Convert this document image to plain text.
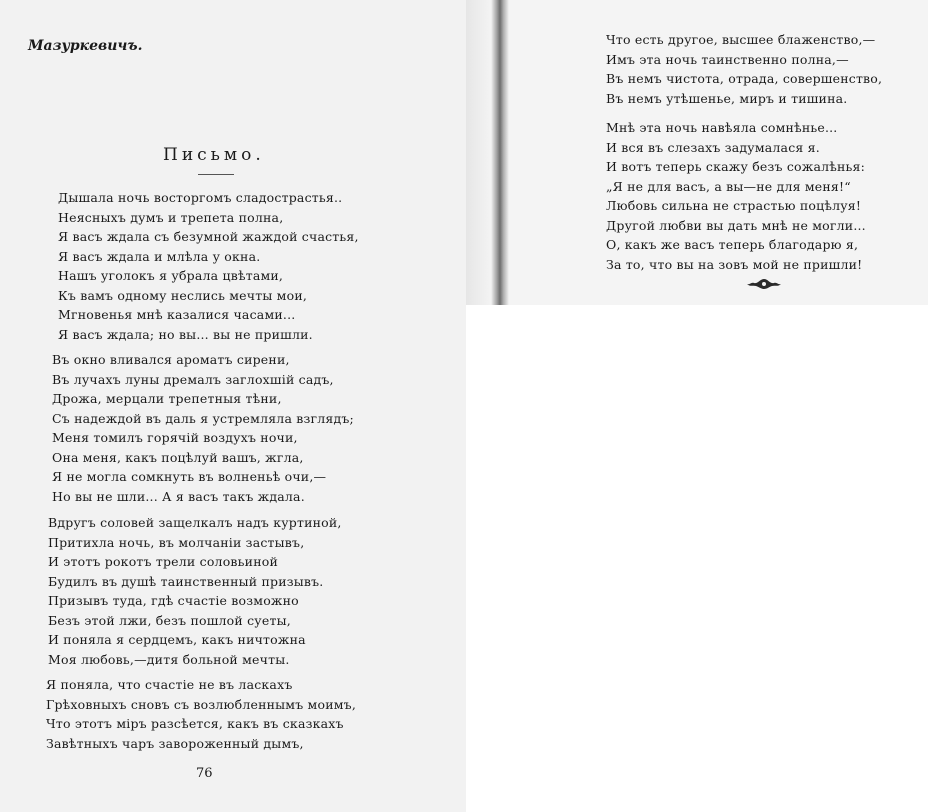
Мазуркевичъ.
Письмо.
Дышала ночь восторгомъ сладострастья..
Неясныхъ думъ и трепета полна,
Я васъ ждала съ безумной жаждой счастья,
Я васъ ждала и млѣла у окна.
Нашъ уголокъ я убрала цвѣтами,
Къ вамъ одному неслись мечты мои,
Мгновенья мнѣ казалися часами...
Я васъ ждала; но вы... вы не пришли.
Въ окно вливался ароматъ сирени,
Въ лучахъ луны дремалъ заглохшiй садъ,
Дрожа, мерцали трепетныя тѣни,
Съ надеждой въ даль я устремляла взглядъ;
Меня томилъ горячiй воздухъ ночи,
Она меня, какъ поцѣлуй вашъ, жгла,
Я не могла сомкнуть въ волненьѣ очи,—
Но вы не шли... А я васъ такъ ждала.
Вдругъ соловей защелкалъ надъ куртиной,
Притихла ночь, въ молчанiи застывъ,
И этотъ рокотъ трели соловьиной
Будилъ въ душѣ таинственный призывъ.
Призывъ туда, гдѣ счастiе возможно
Безъ этой лжи, безъ пошлой суеты,
И поняла я сердцемъ, какъ ничтожна
Моя любовь,—дитя больной мечты.
Я поняла, что счастiе не въ ласкахъ
Грѣховныхъ сновъ съ возлюбленнымъ моимъ,
Что этотъ мiръ разсѣется, какъ въ сказкахъ
Завѣтныхъ чаръ завороженный дымъ,
76
Что есть другое, высшее блаженство,—
Имъ эта ночь таинственно полна,—
Въ немъ чистота, отрада, совершенство,
Въ немъ утѣшенье, миръ и тишина.
Мнѣ эта ночь навѣяла сомнѣнье...
И вся въ слезахъ задумалася я.
И вотъ теперь скажу безъ сожалѣнья:
„Я не для васъ, а вы—не для меня!“
Любовь сильна не страстью поцѣлуя!
Другой любви вы дать мнѣ не могли...
О, какъ же васъ теперь благодарю я,
За то, что вы на зовъ мой не пришли!
